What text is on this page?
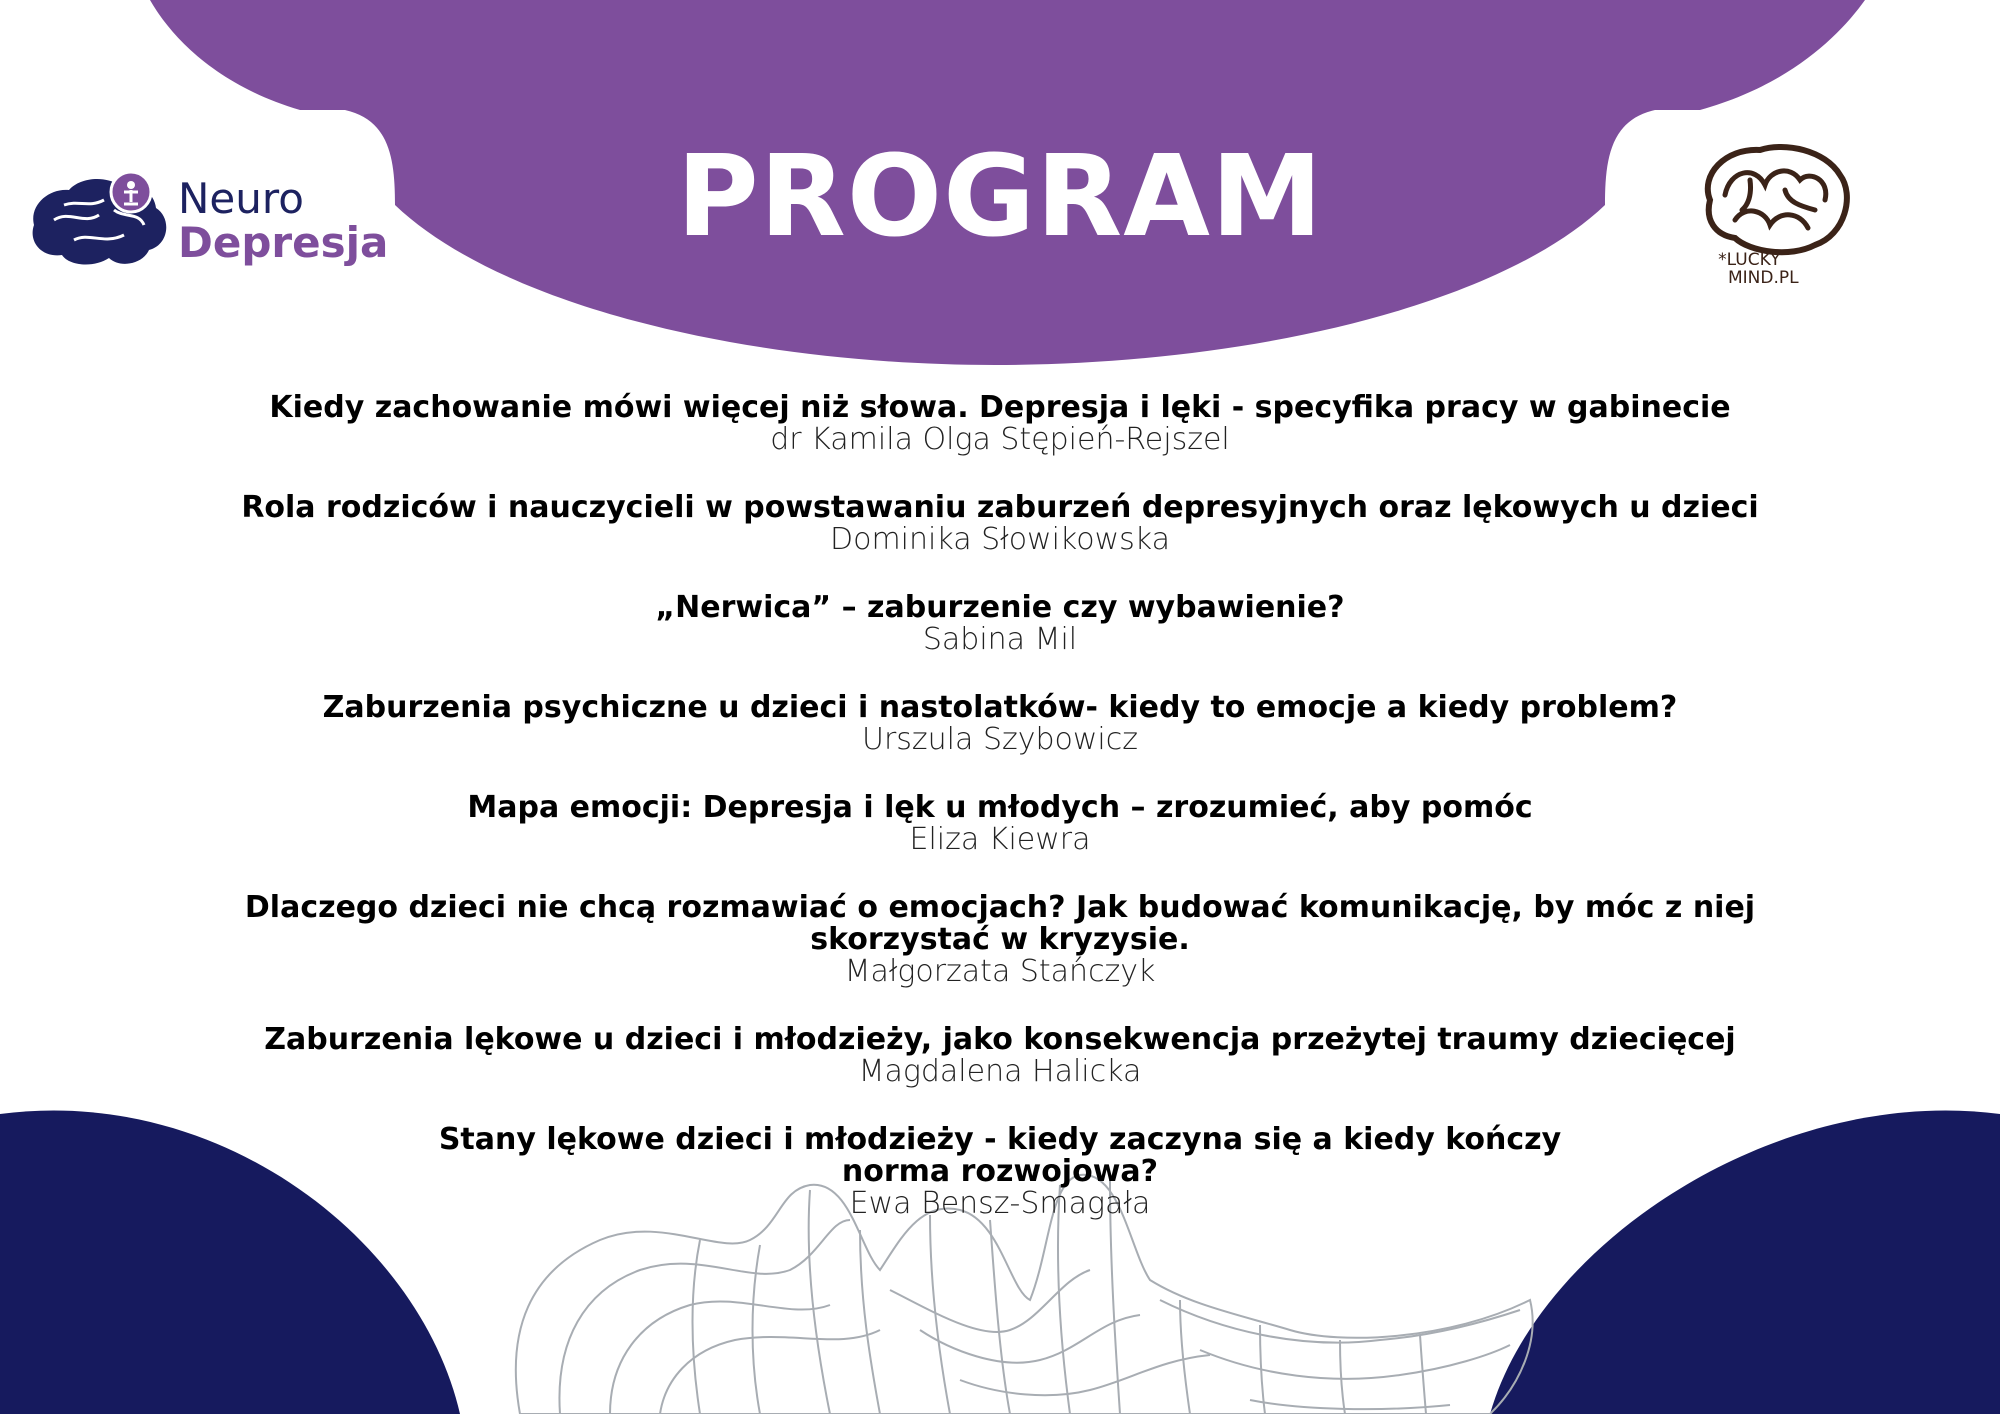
PROGRAM
Neuro
Depresja	*LUCKY
MIND.PL
Kiedy zachowanie mówi więcej niż słowa. Depresja i lęki - specyfika pracy w gabinecie
dr Kamila Olga Stępień-Rejszel
Rola rodziców i nauczycieli w powstawaniu zaburzeń depresyjnych oraz lękowych u dzieci
Dominika Słowikowska
„Nerwica” – zaburzenie czy wybawienie?
Sabina Mil
Zaburzenia psychiczne u dzieci i nastolatków- kiedy to emocje a kiedy problem?
Urszula Szybowicz
Mapa emocji: Depresja i lęk u młodych – zrozumieć, aby pomóc
Eliza Kiewra
Dlaczego dzieci nie chcą rozmawiać o emocjach? Jak budować komunikację, by móc z niej skorzystać w kryzysie.
Małgorzata Stańczyk
Zaburzenia lękowe u dzieci i młodzieży, jako konsekwencja przeżytej traumy dziecięcej
Magdalena Halicka
Stany lękowe dzieci i młodzieży - kiedy zaczyna się a kiedy kończy norma rozwojowa?
Ewa Bensz-Smagała
